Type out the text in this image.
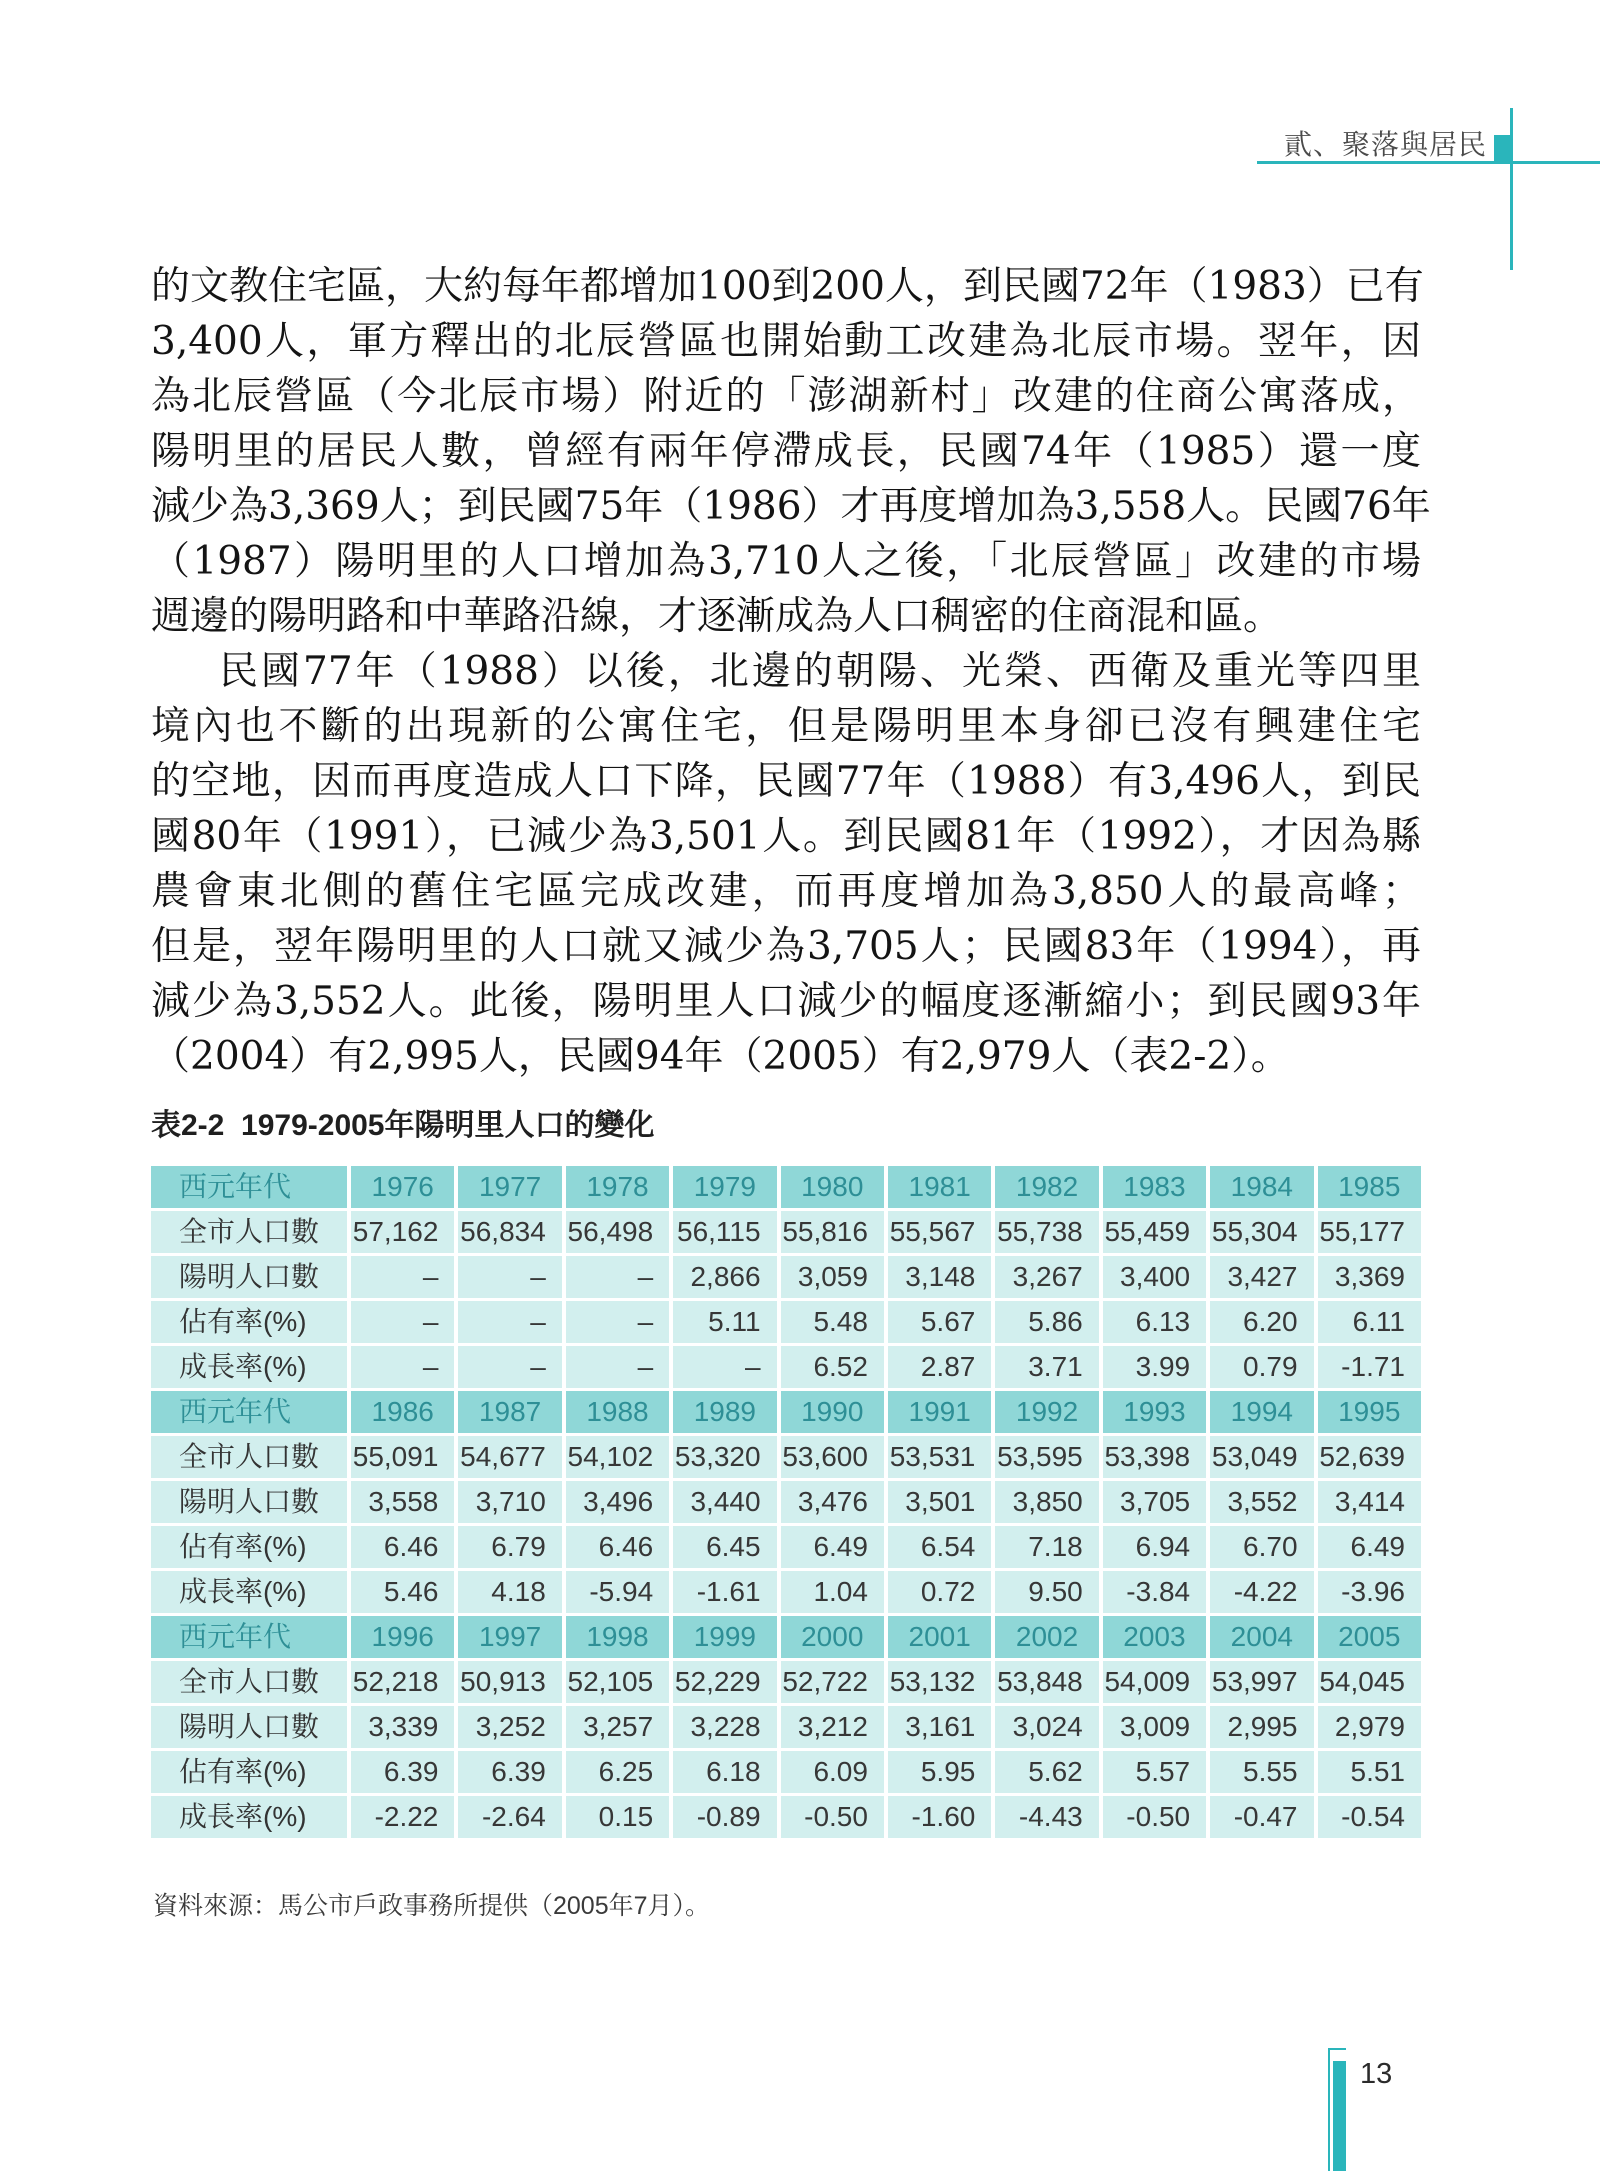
貳、聚落與居民
的文教住宅區，大約每年都增加100到200人，到民國72年（1983）已有
3,400人，軍方釋出的北辰營區也開始動工改建為北辰市場。翌年，因
為北辰營區（今北辰市場）附近的「澎湖新村」改建的住商公寓落成，
陽明里的居民人數，曾經有兩年停滯成長，民國74年（1985）還一度
減少為3,369人；到民國75年（1986）才再度增加為3,558人。民國76年
（1987）陽明里的人口增加為3,710人之後，「北辰營區」改建的市場
週邊的陽明路和中華路沿線，才逐漸成為人口稠密的住商混和區。
民國77年（1988）以後，北邊的朝陽、光榮、西衛及重光等四里
境內也不斷的出現新的公寓住宅，但是陽明里本身卻已沒有興建住宅
的空地，因而再度造成人口下降，民國77年（1988）有3,496人，到民
國80年（1991），已減少為3,501人。到民國81年（1992），才因為縣
農會東北側的舊住宅區完成改建，而再度增加為3,850人的最高峰；
但是，翌年陽明里的人口就又減少為3,705人；民國83年（1994），再
減少為3,552人。此後，陽明里人口減少的幅度逐漸縮小；到民國93年
（2004）有2,995人，民國94年（2005）有2,979人（表2-2）。
表2-2  1979-2005年陽明里人口的變化
西元年代	1976	1977	1978	1979	1980	1981	1982	1983	1984	1985
全市人口數	57,162	56,834	56,498	56,115	55,816	55,567	55,738	55,459	55,304	55,177
陽明人口數	–	–	–	2,866	3,059	3,148	3,267	3,400	3,427	3,369
佔有率(%)	–	–	–	5.11	5.48	5.67	5.86	6.13	6.20	6.11
成長率(%)	–	–	–	–	6.52	2.87	3.71	3.99	0.79	-1.71
西元年代	1986	1987	1988	1989	1990	1991	1992	1993	1994	1995
全市人口數	55,091	54,677	54,102	53,320	53,600	53,531	53,595	53,398	53,049	52,639
陽明人口數	3,558	3,710	3,496	3,440	3,476	3,501	3,850	3,705	3,552	3,414
佔有率(%)	6.46	6.79	6.46	6.45	6.49	6.54	7.18	6.94	6.70	6.49
成長率(%)	5.46	4.18	-5.94	-1.61	1.04	0.72	9.50	-3.84	-4.22	-3.96
西元年代	1996	1997	1998	1999	2000	2001	2002	2003	2004	2005
全市人口數	52,218	50,913	52,105	52,229	52,722	53,132	53,848	54,009	53,997	54,045
陽明人口數	3,339	3,252	3,257	3,228	3,212	3,161	3,024	3,009	2,995	2,979
佔有率(%)	6.39	6.39	6.25	6.18	6.09	5.95	5.62	5.57	5.55	5.51
成長率(%)	-2.22	-2.64	0.15	-0.89	-0.50	-1.60	-4.43	-0.50	-0.47	-0.54
資料來源：馬公市戶政事務所提供（2005年7月）。
13
